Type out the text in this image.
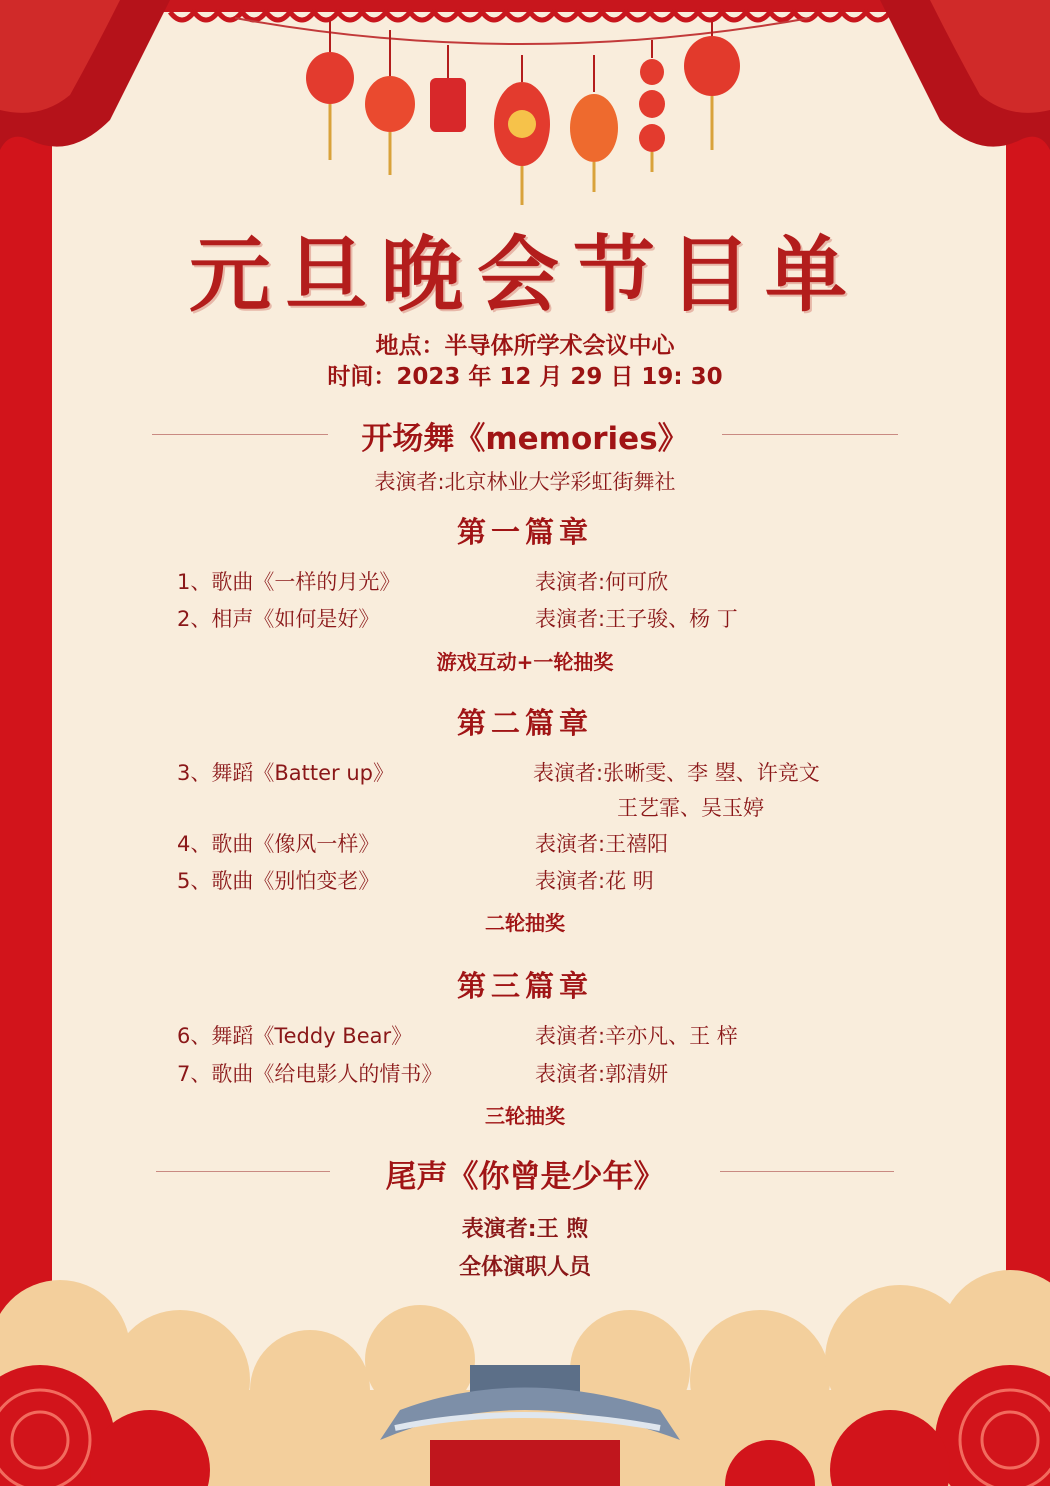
元旦晚会节目单
地点：半导体所学术会议中心
时间：2023 年 12 月 29 日 19: 30
开场舞《memories》
表演者:北京林业大学彩虹街舞社
第一篇章
1、歌曲《一样的月光》	表演者:何可欣
2、相声《如何是好》	表演者:王子骏、杨 丁
游戏互动+一轮抽奖
第二篇章
3、舞蹈《Batter up》	表演者:张晰雯、李 曌、许竞文
王艺霏、吴玉婷
4、歌曲《像风一样》	表演者:王禧阳
5、歌曲《别怕变老》	表演者:花 明
二轮抽奖
第三篇章
6、舞蹈《Teddy Bear》	表演者:辛亦凡、王 梓
7、歌曲《给电影人的情书》	表演者:郭清妍
三轮抽奖
尾声《你曾是少年》
表演者:王 煦
全体演职人员
